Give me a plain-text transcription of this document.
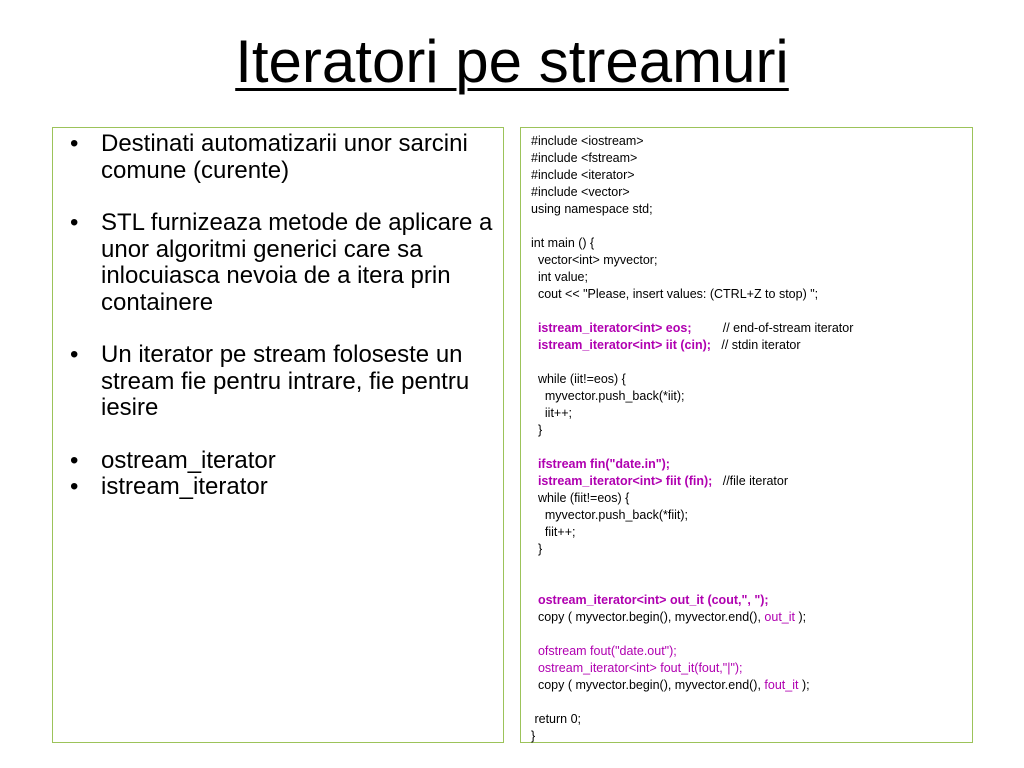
Iteratori pe streamuri
• Destinati automatizarii unor sarcini comune (curente)
• STL furnizeaza metode de aplicare a unor algoritmi generici care sa inlocuiasca nevoia de a itera prin containere
• Un iterator pe stream foloseste un stream fie pentru intrare, fie pentru iesire
• ostream_iterator
• istream_iterator
#include <iostream>
#include <fstream>
#include <iterator>
#include <vector>
using namespace std;
int main () {
vector<int> myvector;
int value;
cout << "Please, insert values: (CTRL+Z to stop) ";
istream_iterator<int> eos;         // end-of-stream iterator
istream_iterator<int> iit (cin);   // stdin iterator
while (iit!=eos) {
myvector.push_back(*iit);
iit++;
}
ifstream fin("date.in");
istream_iterator<int> fiit (fin);   //file iterator
while (fiit!=eos) {
myvector.push_back(*fiit);
fiit++;
}
ostream_iterator<int> out_it (cout,", ");
copy ( myvector.begin(), myvector.end(), out_it );
ofstream fout("date.out");
ostream_iterator<int> fout_it(fout,"|");
copy ( myvector.begin(), myvector.end(), fout_it );
return 0;
}
